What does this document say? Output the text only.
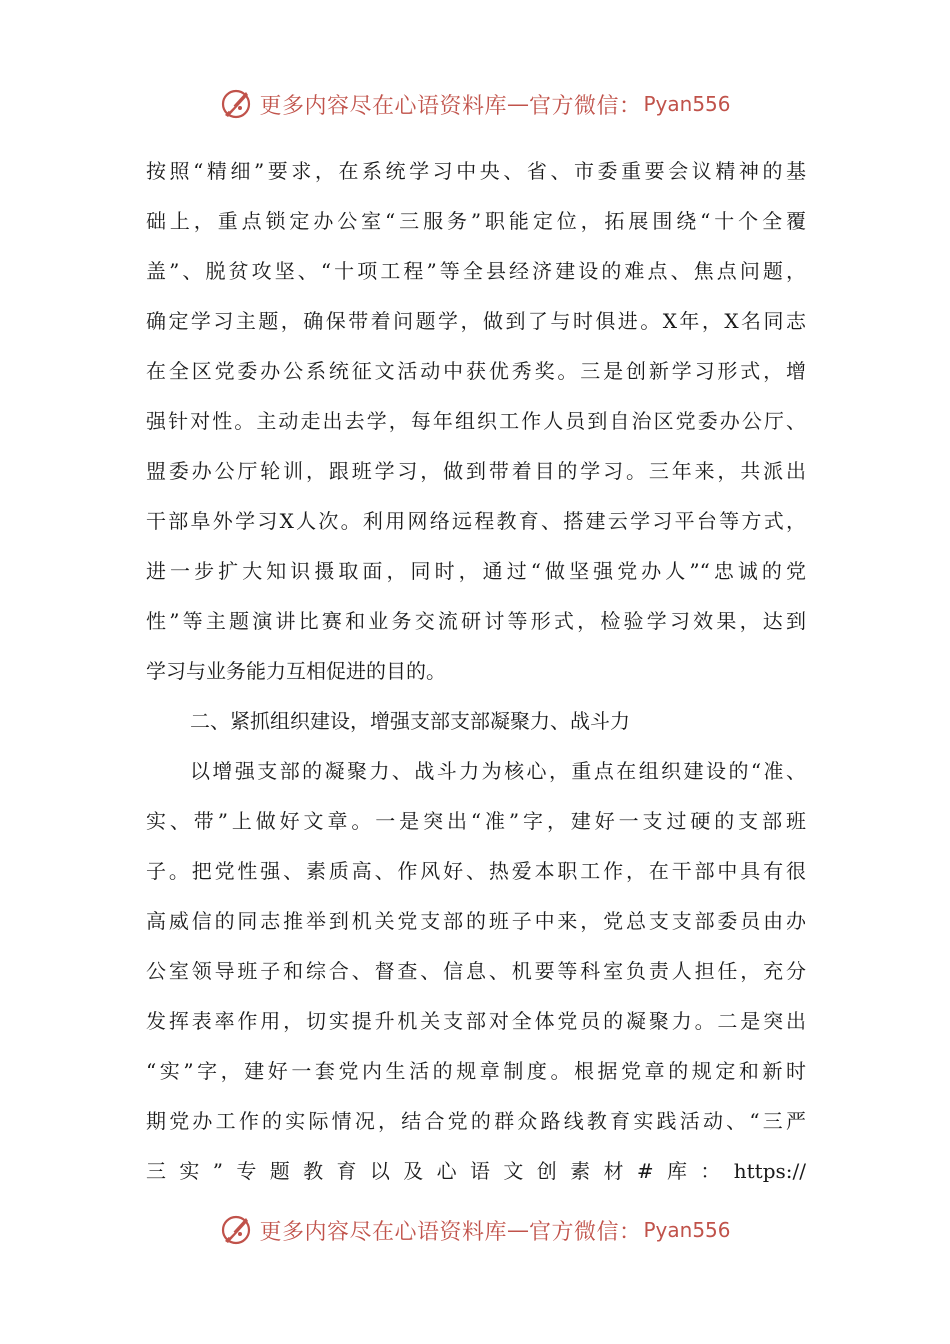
更多内容尽在心语资料库 — 官方微信： Pyan556
按照“精细”要求，在系统学习中央、省、市委重要会议精神的基
础上，重点锁定办公室“三服务”职能定位，拓展围绕“十个全覆
盖”、脱贫攻坚、“十项工程”等全县经济建设的难点、焦点问题，
确定学习主题，确保带着问题学，做到了与时俱进。X年，X名同志
在全区党委办公系统征文活动中获优秀奖。三是创新学习形式，增
强针对性。主动走出去学，每年组织工作人员到自治区党委办公厅、
盟委办公厅轮训，跟班学习，做到带着目的学习。三年来，共派出
干部阜外学习X人次。利用网络远程教育、搭建云学习平台等方式，
进一步扩大知识摄取面，同时，通过“做坚强党办人”“忠诚的党
性”等主题演讲比赛和业务交流研讨等形式，检验学习效果，达到
学习与业务能力互相促进的目的。
二、紧抓组织建设，增强支部支部凝聚力、战斗力
以增强支部的凝聚力、战斗力为核心，重点在组织建设的“准、
实、带”上做好文章。一是突出“准”字，建好一支过硬的支部班
子。把党性强、素质高、作风好、热爱本职工作，在干部中具有很
高威信的同志推举到机关党支部的班子中来，党总支支部委员由办
公室领导班子和综合、督查、信息、机要等科室负责人担任，充分
发挥表率作用，切实提升机关支部对全体党员的凝聚力。二是突出
“实”字，建好一套党内生活的规章制度。根据党章的规定和新时
期党办工作的实际情况，结合党的群众路线教育实践活动、“三严
三实”专题教育以及心语文创素材#库：https://
更多内容尽在心语资料库 — 官方微信： Pyan556
